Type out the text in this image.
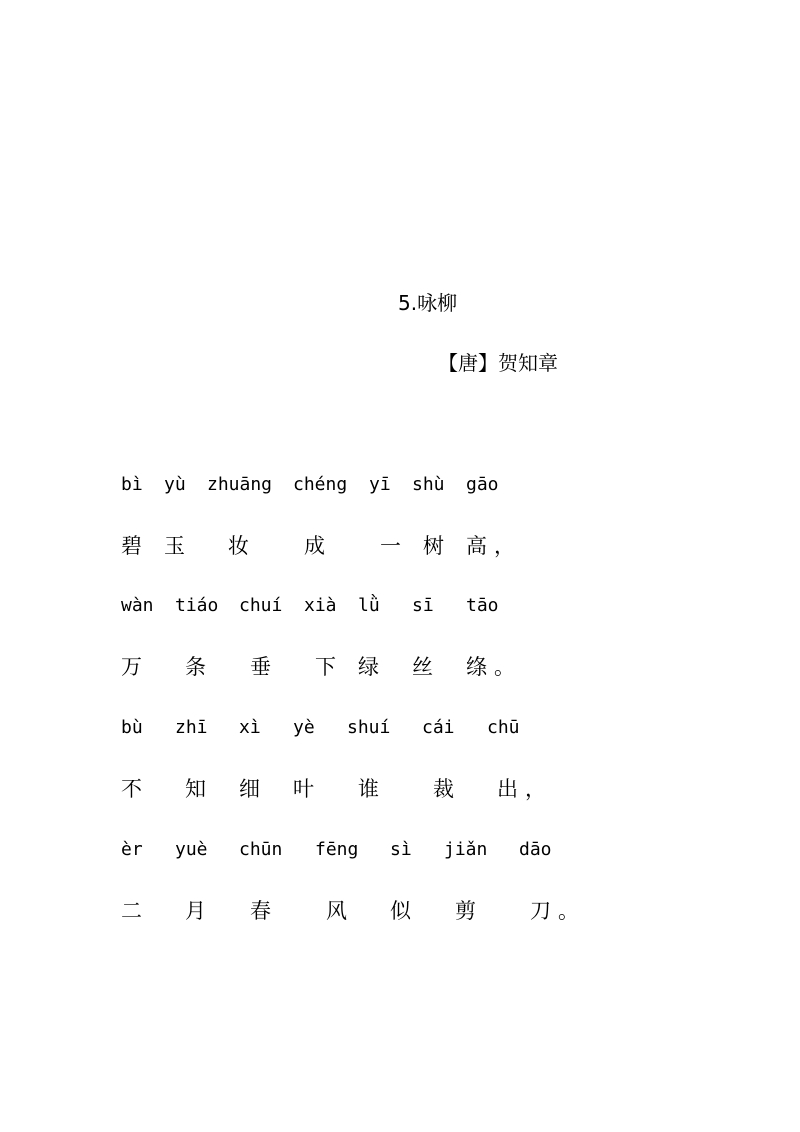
5.咏柳
【唐】贺知章
bì yù zhuāng chéng yī shù gāo
碧 玉 妆	成	一 树 高 ，
wàn tiáo chuí xià lǜ sī tāo
万 条 垂 下 绿 丝 绦 。
bù zhī xì yè shuí cái chū
不 知 细 叶 谁	裁 出 ，
èr yuè chūn fēng sì jiǎn dāo
二 月 春	风 似 剪	刀 。
